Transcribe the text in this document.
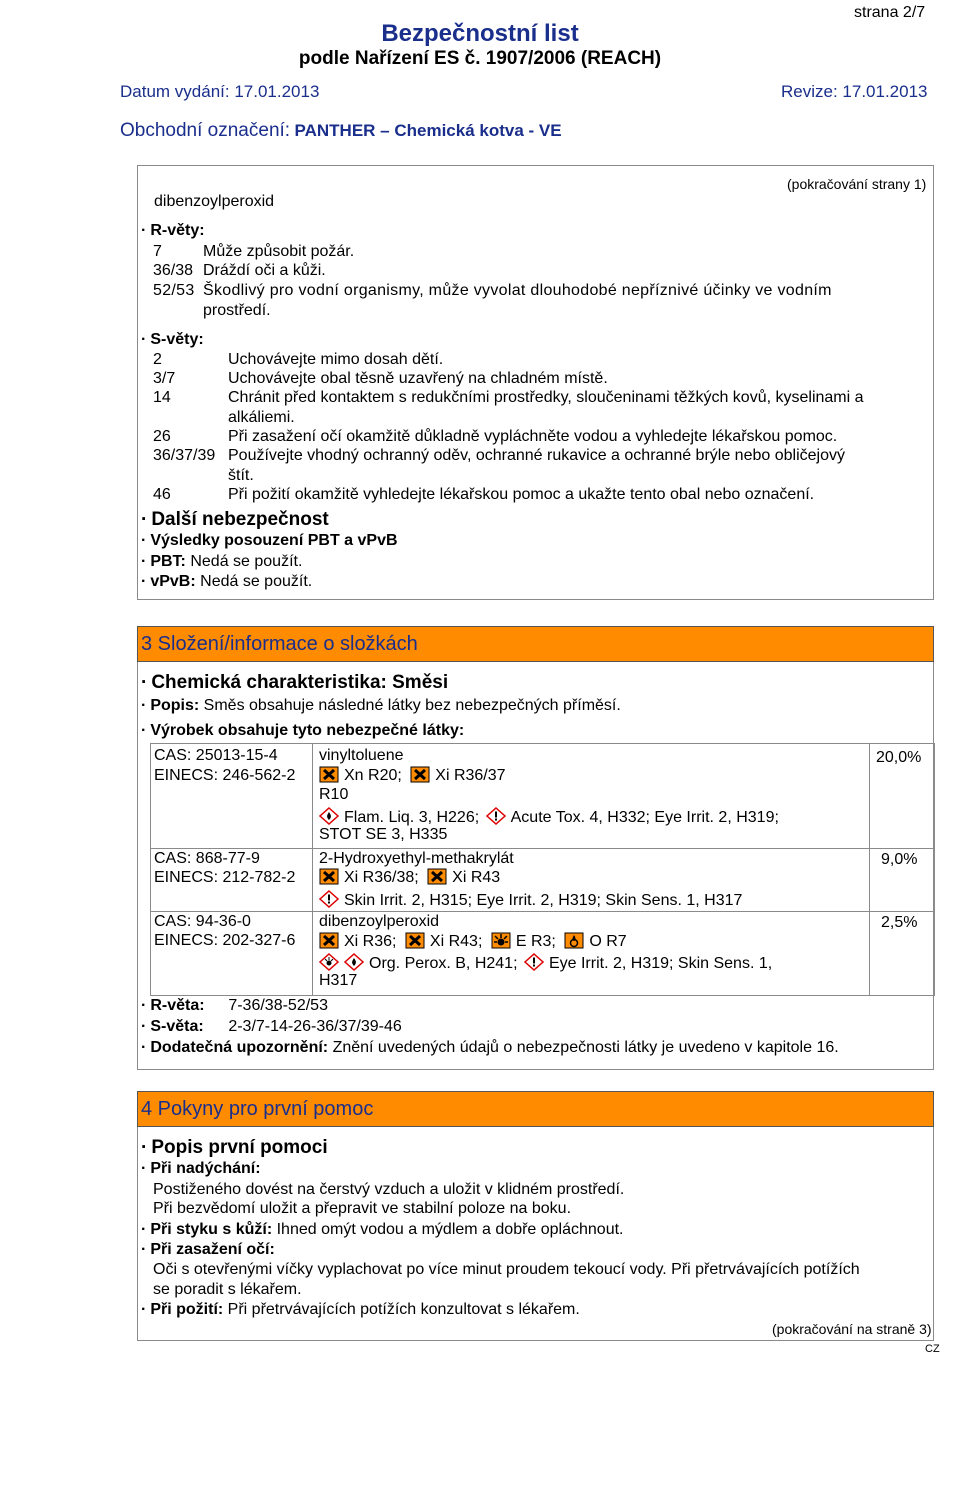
strana 2/7
Bezpečnostní list
podle Nařízení ES č. 1907/2006 (REACH)
Datum vydání: 17.01.2013	Revize: 17.01.2013
Obchodní označení: PANTHER – Chemická kotva - VE
(pokračování strany 1)
dibenzoylperoxid
· R-věty:
7	Může způsobit požár.
36/38 Dráždí oči a kůži.
52/53 Škodlivý pro vodní organismy, může vyvolat dlouhodobé nepříznivé účinky ve vodním
prostředí.
· S-věty:
2	Uchovávejte mimo dosah dětí.
3/7	Uchovávejte obal těsně uzavřený na chladném místě.
14	Chránit před kontaktem s redukčními prostředky, sloučeninami těžkých kovů, kyselinami a
alkáliemi.
26	Při zasažení očí okamžitě důkladně vypláchněte vodou a vyhledejte lékařskou pomoc.
36/37/39 Používejte vhodný ochranný oděv, ochranné rukavice a ochranné brýle nebo obličejový
štít.
46	Při požití okamžitě vyhledejte lékařskou pomoc a ukažte tento obal nebo označení.
· Další nebezpečnost
· Výsledky posouzení PBT a vPvB
· PBT: Nedá se použít.
· vPvB: Nedá se použít.
3 Složení/informace o složkách
· Chemická charakteristika: Směsi
· Popis: Směs obsahuje následné látky bez nebezpečných příměsí.
· Výrobek obsahuje tyto nebezpečné látky:
CAS: 25013-15-4
EINECS: 246-562-2
vinyltoluene	20,0%
Xn R20; Xi R36/37
R10
Flam. Liq. 3, H226; Acute Tox. 4, H332; Eye Irrit. 2, H319;
STOT SE 3, H335
CAS: 868-77-9
EINECS: 212-782-2
2-Hydroxyethyl-methakrylát	9,0%
Xi R36/38; Xi R43
Skin Irrit. 2, H315; Eye Irrit. 2, H319; Skin Sens. 1, H317
CAS: 94-36-0
EINECS: 202-327-6
dibenzoylperoxid	2,5%
Xi R36; Xi R43; E R3; O R7
Org. Perox. B, H241; Eye Irrit. 2, H319; Skin Sens. 1,
H317
· R-věta: 7-36/38-52/53
· S-věta: 2-3/7-14-26-36/37/39-46
· Dodatečná upozornění: Znění uvedených údajů o nebezpečnosti látky je uvedeno v kapitole 16.
4 Pokyny pro první pomoc
· Popis první pomoci
· Při nadýchání:
Postiženého dovést na čerstvý vzduch a uložit v klidném prostředí.
Při bezvědomí uložit a přepravit ve stabilní poloze na boku.
· Při styku s kůží: Ihned omýt vodou a mýdlem a dobře opláchnout.
· Při zasažení očí:
Oči s otevřenými víčky vyplachovat po více minut proudem tekoucí vody. Při přetrvávajících potížích
se poradit s lékařem.
· Při požití: Při přetrvávajících potížích konzultovat s lékařem.
(pokračování na straně 3)
CZ
